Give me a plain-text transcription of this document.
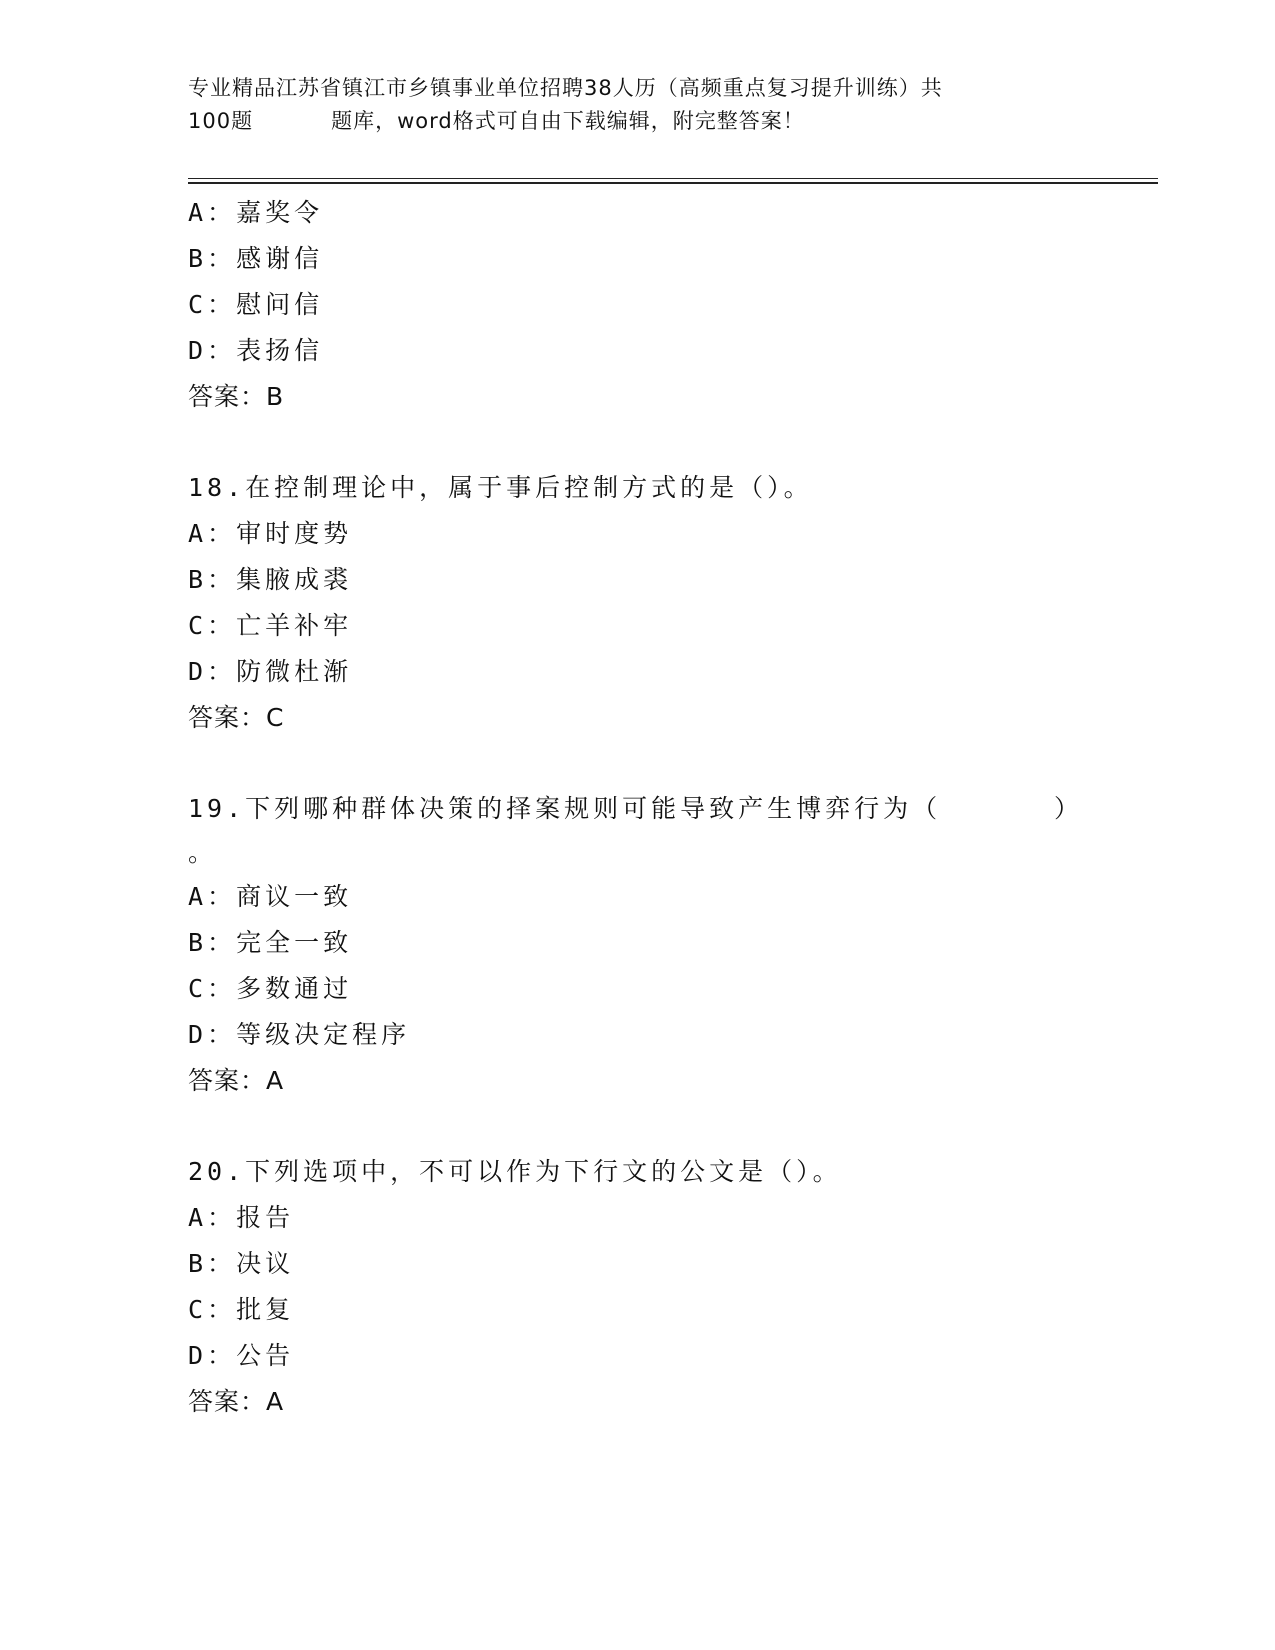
专业精品江苏省镇江市乡镇事业单位招聘38人历（高频重点复习提升训练）共
100题	题库，word格式可自由下载编辑，附完整答案！
A：嘉奖令
B：感谢信
C：慰问信
D：表扬信
答案：B
18.在控制理论中，属于事后控制方式的是（）。
A：审时度势
B：集腋成裘
C：亡羊补牢
D：防微杜渐
答案：C
19.下列哪种群体决策的择案规则可能导致产生博弈行为（	）
。
A：商议一致
B：完全一致
C：多数通过
D：等级决定程序
答案：A
20.下列选项中，不可以作为下行文的公文是（）。
A：报告
B：决议
C：批复
D：公告
答案：A
